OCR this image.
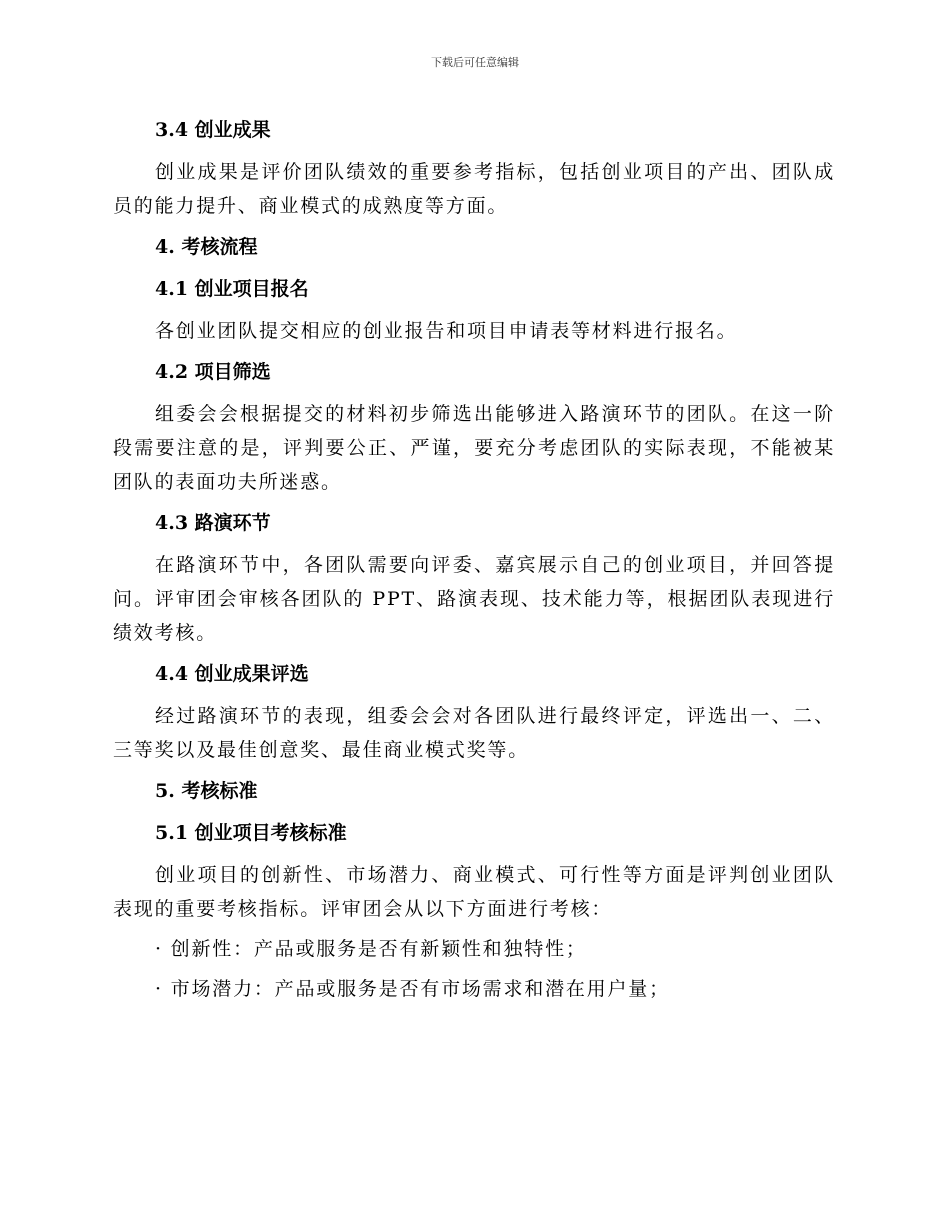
下载后可任意编辑
3.4 创业成果
创业成果是评价团队绩效的重要参考指标，包括创业项目的产出、团队成员的能力提升、商业模式的成熟度等方面。
4. 考核流程
4.1 创业项目报名
各创业团队提交相应的创业报告和项目申请表等材料进行报名。
4.2 项目筛选
组委会会根据提交的材料初步筛选出能够进入路演环节的团队。在这一阶段需要注意的是，评判要公正、严谨，要充分考虑团队的实际表现，不能被某团队的表面功夫所迷惑。
4.3 路演环节
在路演环节中，各团队需要向评委、嘉宾展示自己的创业项目，并回答提问。评审团会审核各团队的 PPT、路演表现、技术能力等，根据团队表现进行绩效考核。
4.4 创业成果评选
经过路演环节的表现，组委会会对各团队进行最终评定，评选出一、二、三等奖以及最佳创意奖、最佳商业模式奖等。
5. 考核标准
5.1 创业项目考核标准
创业项目的创新性、市场潜力、商业模式、可行性等方面是评判创业团队表现的重要考核指标。评审团会从以下方面进行考核：
· 创新性：产品或服务是否有新颖性和独特性；
· 市场潜力：产品或服务是否有市场需求和潜在用户量；
